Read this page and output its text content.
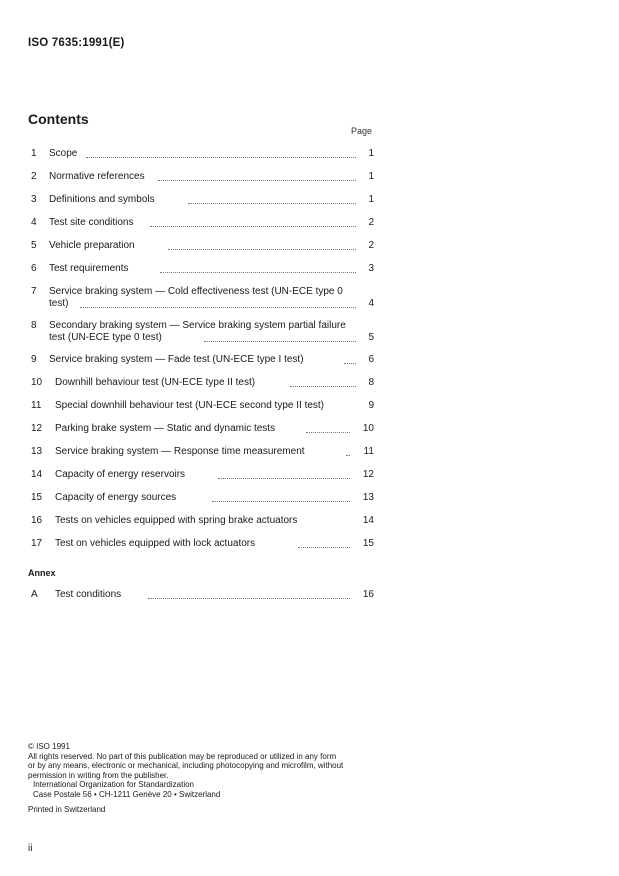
ISO 7635:1991(E)
Contents
Page
1 Scope	1
2 Normative references	1
3 Definitions and symbols	1
4 Test site conditions	2
5 Vehicle preparation	2
6 Test requirements	3
7 Service braking system — Cold effectiveness test (UN-ECE type 0
test)	4
8 Secondary braking system — Service braking system partial failure
test (UN-ECE type 0 test)	5
9 Service braking system — Fade test (UN-ECE type I test)	6
10 Downhill behaviour test (UN-ECE type II test)	8
11 Special downhill behaviour test (UN-ECE second type II test)	9
12 Parking brake system — Static and dynamic tests	10
13 Service braking system — Response time measurement	11
14 Capacity of energy reservoirs	12
15 Capacity of energy sources	13
16 Tests on vehicles equipped with spring brake actuators	14
17 Test on vehicles equipped with lock actuators	15
Annex
A Test conditions	16
© ISO 1991
All rights reserved. No part of this publication may be reproduced or utilized in any form
or by any means, electronic or mechanical, including photocopying and microfilm, without
permission in writing from the publisher.
International Organization for Standardization
Case Postale 56 • CH-1211 Genève 20 • Switzerland
Printed in Switzerland
ii
